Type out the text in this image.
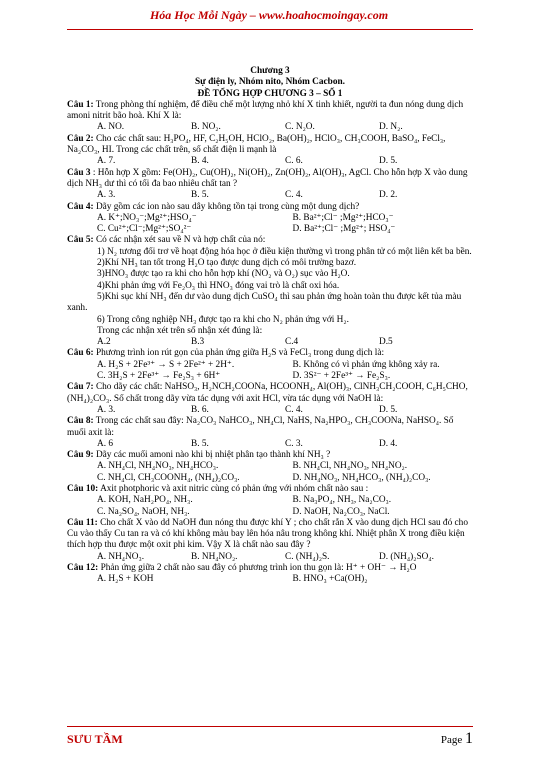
Hóa Học Mỗi Ngày – www.hoahocmoingay.com
Chương 3
Sự điện ly, Nhóm nito, Nhóm Cacbon.
ĐỀ TỔNG HỢP CHƯƠNG 3 – SỐ 1

Câu 1: Trong phòng thí nghiệm, để điều chế một lượng nhỏ khí X tinh khiết, người ta đun nóng dung dịch amoni nitrit bão hoà. Khí X là:

A. NO.	B. NO₂.	C. N₂O.	D. N₂.

Câu 2: Cho các chất sau: H₃PO₄, HF, C₂H₅OH, HClO₂, Ba(OH)₂, HClO₃, CH₃COOH, BaSO₄, FeCl₃, Na₂CO₃, HI. Trong các chất trên, số chất điện li mạnh là

A. 7.	B. 4.	C. 6.	D. 5.

Câu 3 : Hỗn hợp X gồm: Fe(OH)₂, Cu(OH)₂, Ni(OH)₂, Zn(OH)₂, Al(OH)₃, AgCl. Cho hỗn hợp X vào dung dịch NH₃ dư thì có tối đa bao nhiêu chất tan ?

A. 3.	B. 5.	C. 4.	D. 2.

Câu 4: Dãy gồm các ion nào sau dây không tồn tại trong cùng một dung dịch?

A. K⁺;NO₃⁻;Mg²⁺;HSO₄⁻	B. Ba²⁺;Cl⁻ ;Mg²⁺;HCO₃⁻
C. Cu²⁺;Cl⁻;Mg²⁺;SO₄²⁻	D. Ba²⁺;Cl⁻ ;Mg²⁺; HSO₄⁻

Câu 5: Có các nhận xét sau về N và hợp chất của nó:

1) N₂ tương đối trơ về hoạt động hóa học ở điều kiện thường vì trong phân tử có một liên kết ba bền.
2)Khí NH₃ tan tốt trong H₂O tạo được dung dịch có môi trường bazơ.
3)HNO₃ được tạo ra khi cho hỗn hợp khí (NO₂ và O₂) sục vào H₂O.
4)Khi phản ứng với Fe₂O₃ thì HNO₃ đóng vai trò là chất oxi hóa.
5)Khi sục khí NH₃ đến dư vào dung dịch CuSO₄ thì sau phản ứng hoàn toàn thu được kết tủa màu xanh.
6) Trong công nghiệp NH₃ được tạo ra khi cho N₂ phản ứng với H₂.
Trong các nhận xét trên số nhận xét đúng là:
A.2	B.3	C.4	D.5

Câu 6: Phương trình ion rút gọn của phản ứng giữa H₂S và FeCl₃ trong dung dịch là:

A. H₂S + 2Fe³⁺ → S + 2Fe²⁺ + 2H⁺.	B. Không có vì phản ứng không xảy ra.
C. 3H₂S + 2Fe³⁺ → Fe₂S₃ + 6H⁺	D. 3S²⁻ + 2Fe³⁺ → Fe₂S₃.

Câu 7: Cho dãy các chất: NaHSO₃, H₂NCH₂COONa, HCOONH₄, Al(OH)₃, ClNH₃CH₂COOH, C₆H₅CHO, (NH₄)₂CO₃. Số chất trong dãy vừa tác dụng với axit HCl, vừa tác dụng với NaOH là:

A. 3.	B. 6.	C. 4.	D. 5.

Câu 8: Trong các chất sau đây: Na₂CO₃ NaHCO₃, NH₄Cl, NaHS, Na₂HPO₃, CH₃COONa, NaHSO₄. Số muối axit là:

A. 6	B. 5.	C. 3.	D. 4.

Câu 9: Dãy các muối amoni nào khi bị nhiệt phân tạo thành khí NH₃ ?

A. NH₄Cl, NH₄NO₃, NH₄HCO₃.	B. NH₄Cl, NH₄NO₃, NH₄NO₂.
C. NH₄Cl, CH₃COONH₄, (NH₄)₂CO₃.	D. NH₄NO₃, NH₄HCO₃, (NH₄)₂CO₃.

Câu 10: Axit photphoric và axit nitric cùng có phản ứng với nhóm chất nào sau :

A. KOH, NaH₂PO₄, NH₃.	B. Na₃PO₄, NH₃, Na₂CO₃.
C. Na₂SO₄, NaOH, NH₃.	D. NaOH, Na₂CO₃, NaCl.

Câu 11: Cho chất X vào dd NaOH đun nóng thu được khí Y ; cho chất rắn X vào dung dịch HCl sau đó cho Cu vào thấy Cu tan ra và có khí không màu bay lên hóa nâu trong không khí. Nhiệt phân X trong điều kiện thích hợp thu được một oxit phi kim. Vậy X là chất nào sau đây ?

A. NH₄NO₃.	B. NH₄NO₂.	C. (NH₄)₂S.	D. (NH₄)₂SO₄.

Câu 12: Phản ứng giữa 2 chất nào sau đây có phương trình ion thu gọn là: H⁺ + OH⁻ → H₂O

A. H₂S + KOH	B. HNO₃ +Ca(OH)₂
SƯU TẦM	Page 1
